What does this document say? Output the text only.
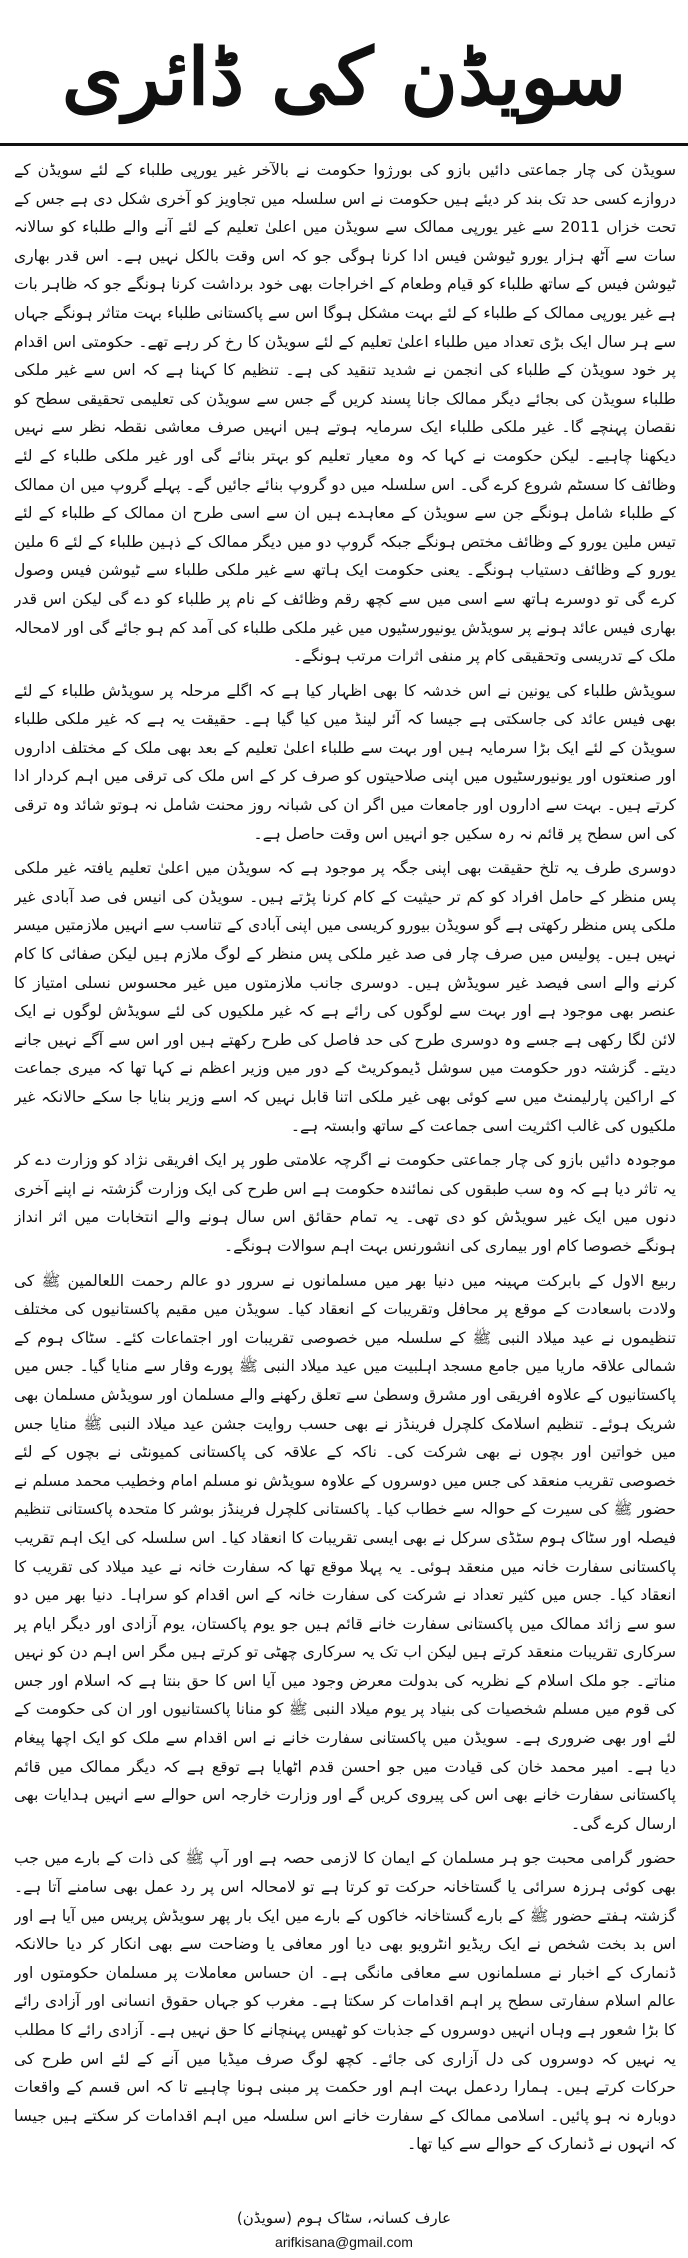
سویڈن کی ڈائری

سویڈن کی چار جماعتی دائیں بازو کی بورژوا حکومت نے بالآخر غیر یورپی طلباء کے لئے سویڈن کے دروازے کسی حد تک بند کر دیئے ہیں حکومت نے اس سلسلہ میں تجاویز کو آخری شکل دی ہے جس کے تحت خزاں 2011 سے غیر یورپی ممالک سے سویڈن میں اعلیٰ تعلیم کے لئے آنے والے طلباء کو سالانہ سات سے آٹھ ہزار یورو ٹیوشن فیس ادا کرنا ہوگی جو کہ اس وقت بالکل نہیں ہے۔ اس قدر بھاری ٹیوشن فیس کے ساتھ طلباء کو قیام وطعام کے اخراجات بھی خود برداشت کرنا ہونگے جو کہ ظاہر بات ہے غیر یورپی ممالک کے طلباء کے لئے بہت مشکل ہوگا اس سے پاکستانی طلباء بہت متاثر ہونگے جہاں سے ہر سال ایک بڑی تعداد میں طلباء اعلیٰ تعلیم کے لئے سویڈن کا رخ کر رہے تھے۔ حکومتی اس اقدام پر خود سویڈن کے طلباء کی انجمن نے شدید تنقید کی ہے۔ تنظیم کا کہنا ہے کہ اس سے غیر ملکی طلباء سویڈن کی بجائے دیگر ممالک جانا پسند کریں گے جس سے سویڈن کی تعلیمی تحقیقی سطح کو نقصان پہنچے گا۔ غیر ملکی طلباء ایک سرمایہ ہوتے ہیں انہیں صرف معاشی نقطہ نظر سے نہیں دیکھنا چاہیے۔ لیکن حکومت نے کہا کہ وہ معیار تعلیم کو بہتر بنائے گی اور غیر ملکی طلباء کے لئے وظائف کا سسٹم شروع کرے گی۔ اس سلسلہ میں دو گروپ بنائے جائیں گے۔ پہلے گروپ میں ان ممالک کے طلباء شامل ہونگے جن سے سویڈن کے معاہدے ہیں ان سے اسی طرح ان ممالک کے طلباء کے لئے تیس ملین یورو کے وظائف مختص ہونگے جبکہ گروپ دو میں دیگر ممالک کے ذہین طلباء کے لئے 6 ملین یورو کے وظائف دستیاب ہونگے۔ یعنی حکومت ایک ہاتھ سے غیر ملکی طلباء سے ٹیوشن فیس وصول کرے گی تو دوسرے ہاتھ سے اسی میں سے کچھ رقم وظائف کے نام پر طلباء کو دے گی لیکن اس قدر بھاری فیس عائد ہونے پر سویڈش یونیورسٹیوں میں غیر ملکی طلباء کی آمد کم ہو جائے گی اور لامحالہ ملک کے تدریسی وتحقیقی کام پر منفی اثرات مرتب ہونگے۔

سویڈش طلباء کی یونین نے اس خدشہ کا بھی اظہار کیا ہے کہ اگلے مرحلہ پر سویڈش طلباء کے لئے بھی فیس عائد کی جاسکتی ہے جیسا کہ آئر لینڈ میں کیا گیا ہے۔ حقیقت یہ ہے کہ غیر ملکی طلباء سویڈن کے لئے ایک بڑا سرمایہ ہیں اور بہت سے طلباء اعلیٰ تعلیم کے بعد بھی ملک کے مختلف اداروں اور صنعتوں اور یونیورسٹیوں میں اپنی صلاحیتوں کو صرف کر کے اس ملک کی ترقی میں اہم کردار ادا کرتے ہیں۔ بہت سے اداروں اور جامعات میں اگر ان کی شبانہ روز محنت شامل نہ ہوتو شائد وہ ترقی کی اس سطح پر قائم نہ رہ سکیں جو انہیں اس وقت حاصل ہے۔

دوسری طرف یہ تلخ حقیقت بھی اپنی جگہ پر موجود ہے کہ سویڈن میں اعلیٰ تعلیم یافتہ غیر ملکی پس منظر کے حامل افراد کو کم تر حیثیت کے کام کرنا پڑتے ہیں۔ سویڈن کی انیس فی صد آبادی غیر ملکی پس منظر رکھتی ہے گو سویڈن بیورو کریسی میں اپنی آبادی کے تناسب سے انہیں ملازمتیں میسر نہیں ہیں۔ پولیس میں صرف چار فی صد غیر ملکی پس منظر کے لوگ ملازم ہیں لیکن صفائی کا کام کرنے والے اسی فیصد غیر سویڈش ہیں۔ دوسری جانب ملازمتوں میں غیر محسوس نسلی امتیاز کا عنصر بھی موجود ہے اور بہت سے لوگوں کی رائے ہے کہ غیر ملکیوں کی لئے سویڈش لوگوں نے ایک لائن لگا رکھی ہے جسے وہ دوسری طرح کی حد فاصل کی طرح رکھتے ہیں اور اس سے آگے نہیں جانے دیتے۔ گزشتہ دور حکومت میں سوشل ڈیموکریٹ کے دور میں وزیر اعظم نے کہا تھا کہ میری جماعت کے اراکین پارلیمنٹ میں سے کوئی بھی غیر ملکی اتنا قابل نہیں کہ اسے وزیر بنایا جا سکے حالانکہ غیر ملکیوں کی غالب اکثریت اسی جماعت کے ساتھ وابستہ ہے۔

موجودہ دائیں بازو کی چار جماعتی حکومت نے اگرچہ علامتی طور پر ایک افریقی نژاد کو وزارت دے کر یہ تاثر دیا ہے کہ وہ سب طبقوں کی نمائندہ حکومت ہے اس طرح کی ایک وزارت گزشتہ نے اپنے آخری دنوں میں ایک غیر سویڈش کو دی تھی۔ یہ تمام حقائق اس سال ہونے والے انتخابات میں اثر انداز ہونگے خصوصا کام اور بیماری کی انشورنس بہت اہم سوالات ہونگے۔

ربیع الاول کے بابرکت مہینہ میں دنیا بھر میں مسلمانوں نے سرور دو عالم رحمت اللعالمین ﷺ کی ولادت باسعادت کے موقع پر محافل وتقریبات کے انعقاد کیا۔ سویڈن میں مقیم پاکستانیوں کی مختلف تنظیموں نے عید میلاد النبی ﷺ کے سلسلہ میں خصوصی تقریبات اور اجتماعات کئے۔ سٹاک ہوم کے شمالی علاقہ ماریا میں جامع مسجد اہلبیت میں عید میلاد النبی ﷺ پورے وقار سے منایا گیا۔ جس میں پاکستانیوں کے علاوہ افریقی اور مشرق وسطیٰ سے تعلق رکھنے والے مسلمان اور سویڈش مسلمان بھی شریک ہوئے۔ تنظیم اسلامک کلچرل فرینڈز نے بھی حسب روایت جشن عید میلاد النبی ﷺ منایا جس میں خواتین اور بچوں نے بھی شرکت کی۔ ناکہ کے علاقہ کی پاکستانی کمیونٹی نے بچوں کے لئے خصوصی تقریب منعقد کی جس میں دوسروں کے علاوہ سویڈش نو مسلم امام وخطیب محمد مسلم نے حضور ﷺ کی سیرت کے حوالہ سے خطاب کیا۔ پاکستانی کلچرل فرینڈز بوشر کا متحدہ پاکستانی تنظیم فیصلہ اور سٹاک ہوم سٹڈی سرکل نے بھی ایسی تقریبات کا انعقاد کیا۔ اس سلسلہ کی ایک اہم تقریب پاکستانی سفارت خانہ میں منعقد ہوئی۔ یہ پہلا موقع تھا کہ سفارت خانہ نے عید میلاد کی تقریب کا انعقاد کیا۔ جس میں کثیر تعداد نے شرکت کی سفارت خانہ کے اس اقدام کو سراہا۔ دنیا بھر میں دو سو سے زائد ممالک میں پاکستانی سفارت خانے قائم ہیں جو یوم پاکستان، یوم آزادی اور دیگر ایام پر سرکاری تقریبات منعقد کرتے ہیں لیکن اب تک یہ سرکاری چھٹی تو کرتے ہیں مگر اس اہم دن کو نہیں مناتے۔ جو ملک اسلام کے نظریہ کی بدولت معرض وجود میں آیا اس کا حق بنتا ہے کہ اسلام اور جس کی قوم میں مسلم شخصیات کی بنیاد پر یوم میلاد النبی ﷺ کو منانا پاکستانیوں اور ان کی حکومت کے لئے اور بھی ضروری ہے۔ سویڈن میں پاکستانی سفارت خانے نے اس اقدام سے ملک کو ایک اچھا پیغام دیا ہے۔ امیر محمد خان کی قیادت میں جو احسن قدم اٹھایا ہے توقع ہے کہ دیگر ممالک میں قائم پاکستانی سفارت خانے بھی اس کی پیروی کریں گے اور وزارت خارجہ اس حوالے سے انہیں ہدایات بھی ارسال کرے گی۔

حضور گرامی محبت جو ہر مسلمان کے ایمان کا لازمی حصہ ہے اور آپ ﷺ کی ذات کے بارے میں جب بھی کوئی ہرزہ سرائی یا گستاخانہ حرکت تو کرتا ہے تو لامحالہ اس پر رد عمل بھی سامنے آتا ہے۔ گزشتہ ہفتے حضور ﷺ کے بارے گستاخانہ خاکوں کے بارے میں ایک بار پھر سویڈش پریس میں آیا ہے اور اس بد بخت شخص نے ایک ریڈیو انٹرویو بھی دیا اور معافی یا وضاحت سے بھی انکار کر دیا حالانکہ ڈنمارک کے اخبار نے مسلمانوں سے معافی مانگی ہے۔ ان حساس معاملات پر مسلمان حکومتوں اور عالم اسلام سفارتی سطح پر اہم اقدامات کر سکتا ہے۔ مغرب کو جہاں حقوق انسانی اور آزادی رائے کا بڑا شعور ہے وہاں انہیں دوسروں کے جذبات کو ٹھیس پہنچانے کا حق نہیں ہے۔ آزادی رائے کا مطلب یہ نہیں کہ دوسروں کی دل آزاری کی جائے۔ کچھ لوگ صرف میڈیا میں آنے کے لئے اس طرح کی حرکات کرتے ہیں۔ ہمارا ردعمل بہت اہم اور حکمت پر مبنی ہونا چاہیے تا کہ اس قسم کے واقعات دوبارہ نہ ہو پائیں۔ اسلامی ممالک کے سفارت خانے اس سلسلہ میں اہم اقدامات کر سکتے ہیں جیسا کہ انہوں نے ڈنمارک کے حوالے سے کیا تھا۔

عارف کسانہ، سٹاک ہوم (سویڈن)
arifkisana@gmail.com
